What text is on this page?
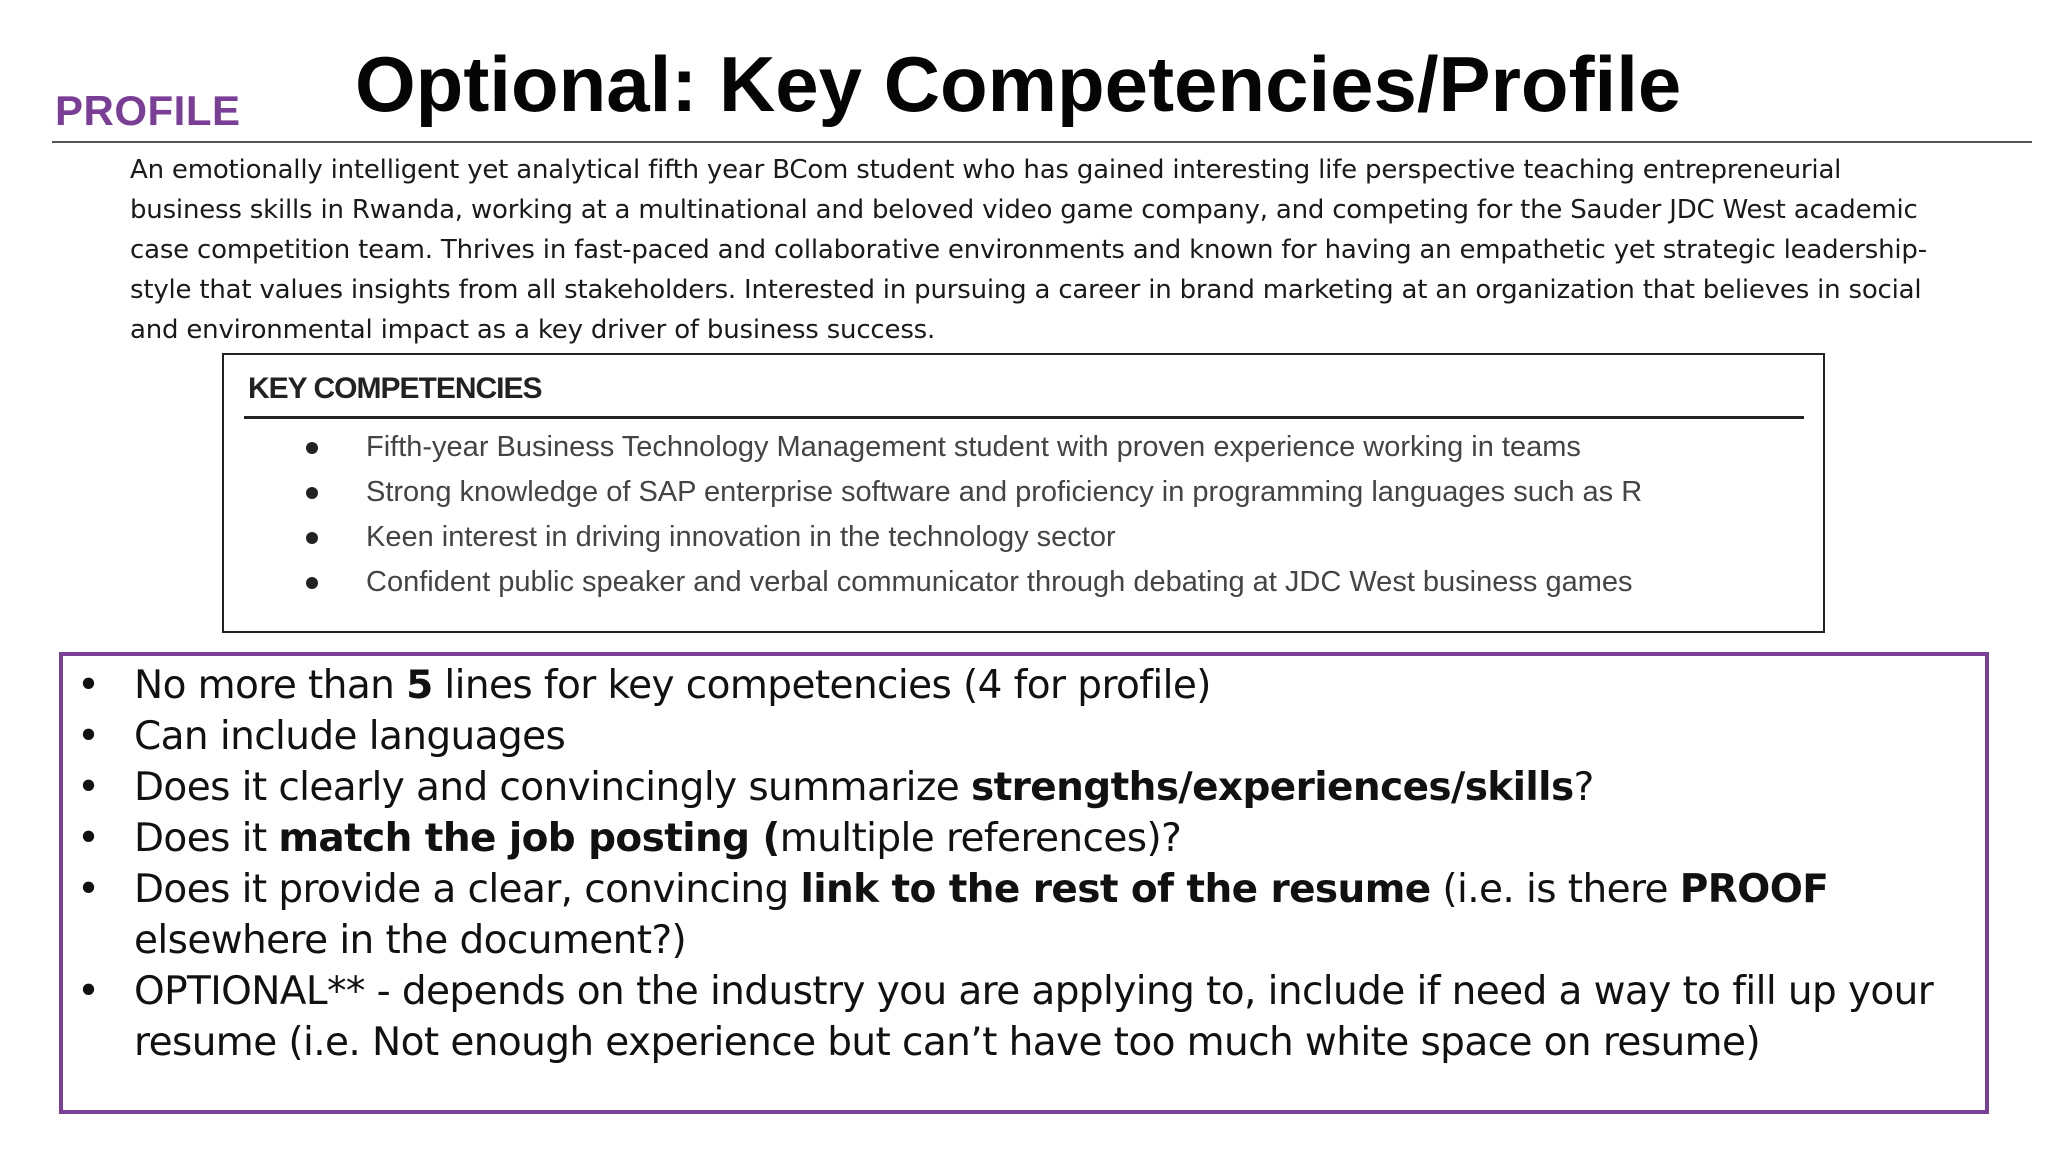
Optional: Key Competencies/Profile
PROFILE
An emotionally intelligent yet analytical fifth year BCom student who has gained interesting life perspective teaching entrepreneurial business skills in Rwanda, working at a multinational and beloved video game company, and competing for the Sauder JDC West academic case competition team. Thrives in fast-paced and collaborative environments and known for having an empathetic yet strategic leadership-style that values insights from all stakeholders. Interested in pursuing a career in brand marketing at an organization that believes in social and environmental impact as a key driver of business success.
KEY COMPETENCIES
Fifth-year Business Technology Management student with proven experience working in teams
Strong knowledge of SAP enterprise software and proficiency in programming languages such as R
Keen interest in driving innovation in the technology sector
Confident public speaker and verbal communicator through debating at JDC West business games
• No more than 5 lines for key competencies (4 for profile)
• Can include languages
• Does it clearly and convincingly summarize strengths/experiences/skills?
• Does it match the job posting (multiple references)?
• Does it provide a clear, convincing link to the rest of the resume (i.e. is there PROOF elsewhere in the document?)
• OPTIONAL** - depends on the industry you are applying to, include if need a way to fill up your resume (i.e. Not enough experience but can’t have too much white space on resume)
